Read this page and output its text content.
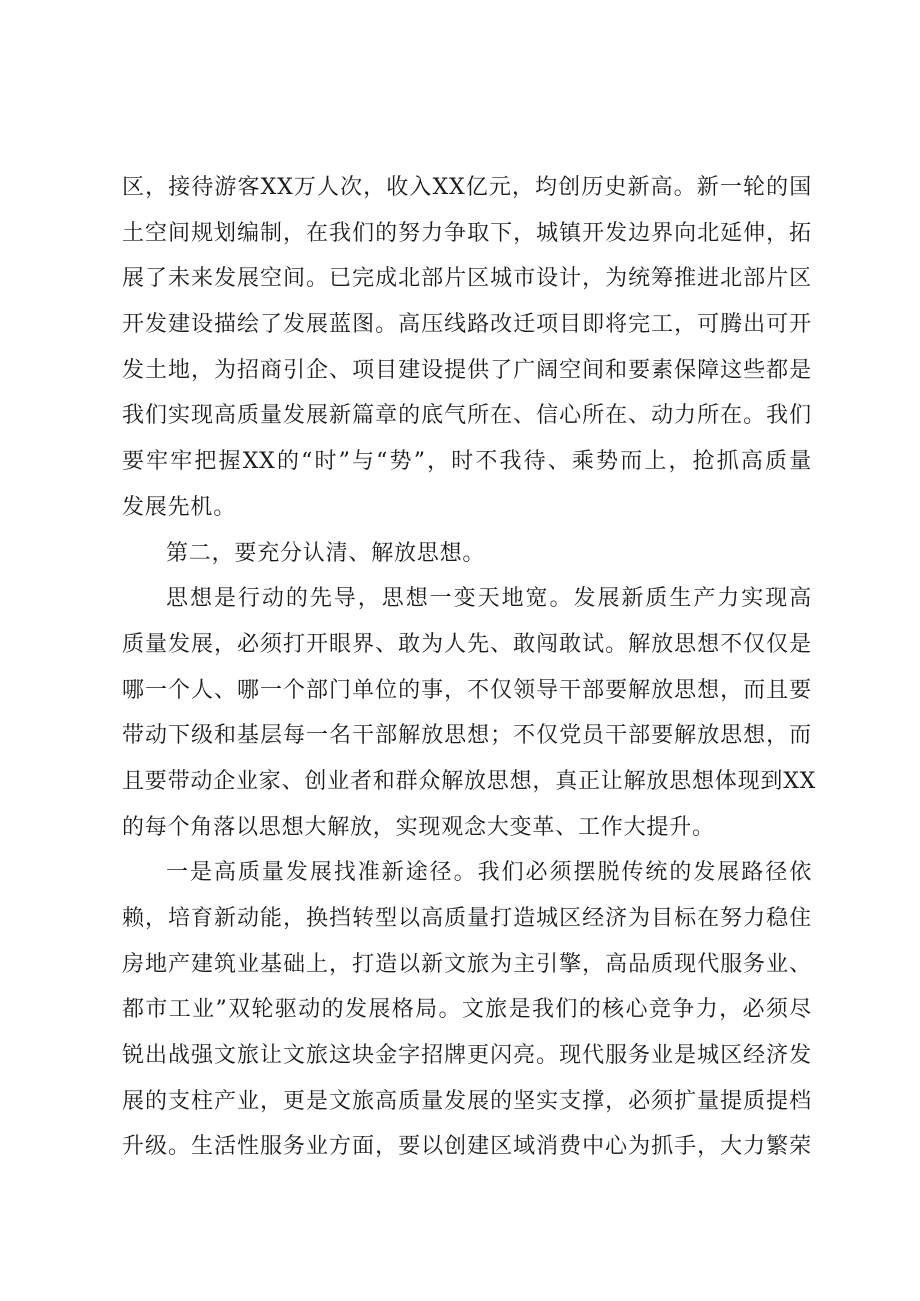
区，接待游客XX万人次，收入XX亿元，均创历史新高。新一轮的国
土空间规划编制，在我们的努力争取下，城镇开发边界向北延伸，拓
展了未来发展空间。已完成北部片区城市设计，为统筹推进北部片区
开发建设描绘了发展蓝图。高压线路改迁项目即将完工，可腾出可开
发土地，为招商引企、项目建设提供了广阔空间和要素保障这些都是
我们实现高质量发展新篇章的底气所在、信心所在、动力所在。我们
要牢牢把握XX的“时”与“势”，时不我待、乘势而上，抢抓高质量
发展先机。
第二，要充分认清、解放思想。
思想是行动的先导，思想一变天地宽。发展新质生产力实现高
质量发展，必须打开眼界、敢为人先、敢闯敢试。解放思想不仅仅是
哪一个人、哪一个部门单位的事，不仅领导干部要解放思想，而且要
带动下级和基层每一名干部解放思想；不仅党员干部要解放思想，而
且要带动企业家、创业者和群众解放思想，真正让解放思想体现到XX
的每个角落以思想大解放，实现观念大变革、工作大提升。
一是高质量发展找准新途径。我们必须摆脱传统的发展路径依
赖，培育新动能，换挡转型以高质量打造城区经济为目标在努力稳住
房地产建筑业基础上，打造以新文旅为主引擎，高品质现代服务业、
都市工业”双轮驱动的发展格局。文旅是我们的核心竞争力，必须尽
锐出战强文旅让文旅这块金字招牌更闪亮。现代服务业是城区经济发
展的支柱产业，更是文旅高质量发展的坚实支撑，必须扩量提质提档
升级。生活性服务业方面，要以创建区域消费中心为抓手，大力繁荣
